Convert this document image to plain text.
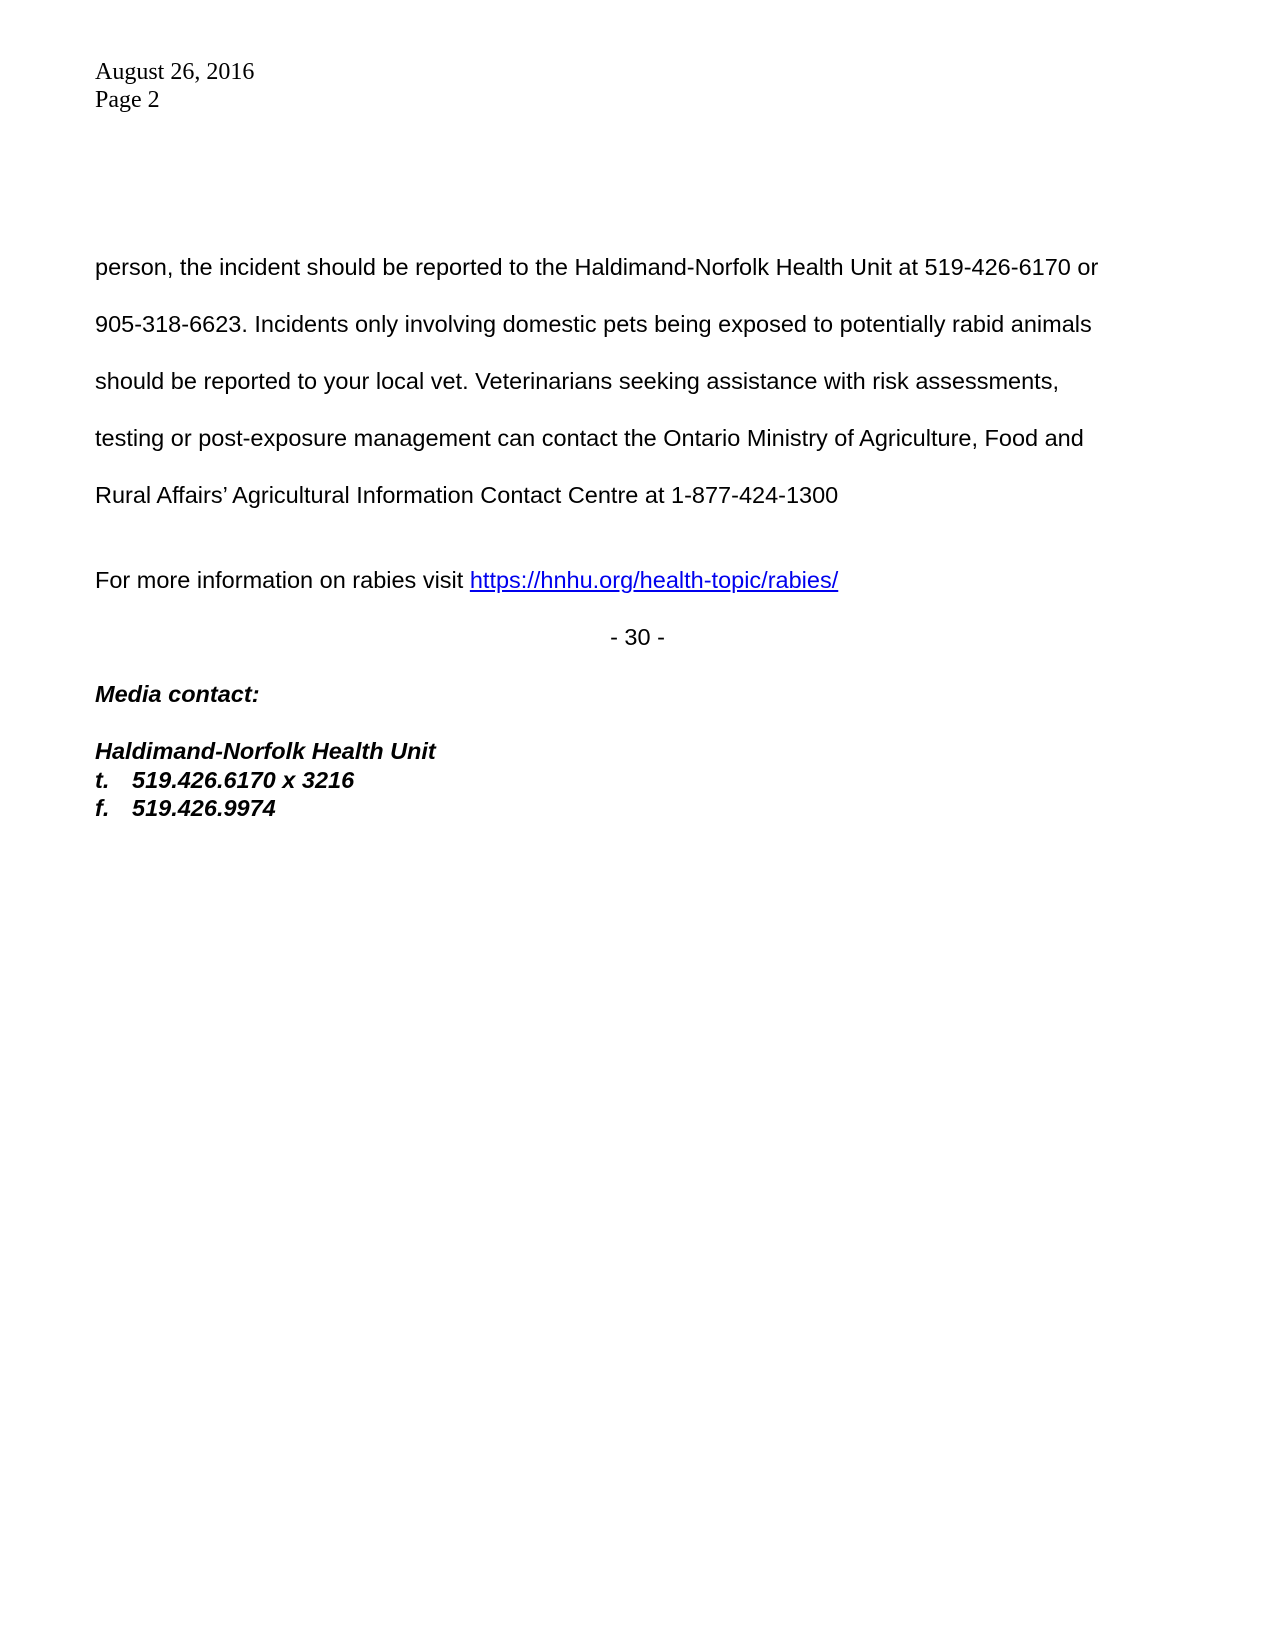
August 26, 2016
Page 2

person, the incident should be reported to the Haldimand-Norfolk Health Unit at 519-426-6170 or

905-318-6623. Incidents only involving domestic pets being exposed to potentially rabid animals

should be reported to your local vet. Veterinarians seeking assistance with risk assessments,

testing or post-exposure management can contact the Ontario Ministry of Agriculture, Food and

Rural Affairs’ Agricultural Information Contact Centre at 1-877-424-1300

For more information on rabies visit https://hnhu.org/health-topic/rabies/
- 30 -
Media contact:
Haldimand-Norfolk Health Unit
t. 519.426.6170 x 3216
f. 519.426.9974
